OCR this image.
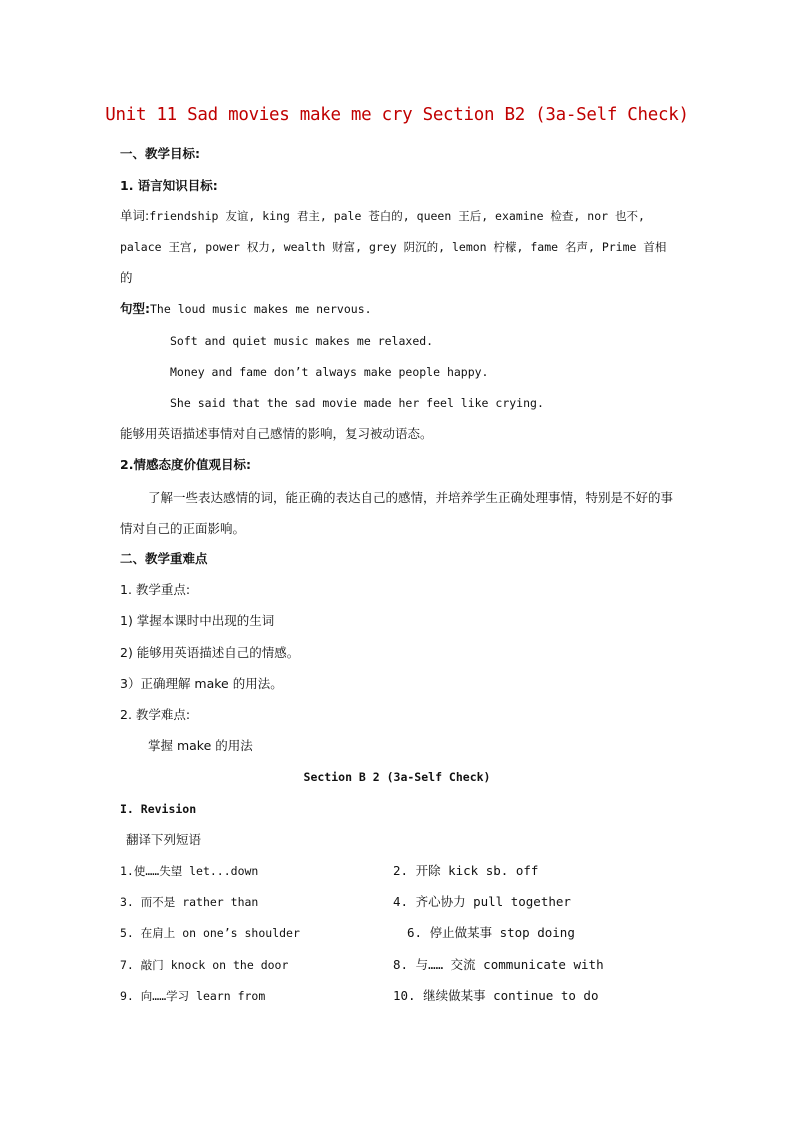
Unit 11 Sad movies make me cry Section B2 (3a-Self Check)
一、教学目标:
1. 语言知识目标:
单词:friendship 友谊, king 君主, pale 苍白的, queen 王后, examine 检查, nor 也不,
palace 王宫, power 权力, wealth 财富, grey 阴沉的, lemon 柠檬, fame 名声, Prime 首相
的
句型:The loud music makes me nervous.
Soft and quiet music makes me relaxed.
Money and fame don’t always make people happy.
She said that the sad movie made her feel like crying.
能够用英语描述事情对自己感情的影响，复习被动语态。
2.情感态度价值观目标:
了解一些表达感情的词，能正确的表达自己的感情，并培养学生正确处理事情，特别是不好的事情对自己的正面影响。
二、教学重难点
1. 教学重点:
1) 掌握本课时中出现的生词
2) 能够用英语描述自己的情感。
3）正确理解 make 的用法。
2. 教学难点:
掌握 make 的用法
Section B 2 (3a-Self Check)
I. Revision
翻译下列短语
1.使……失望 let...down
3. 而不是 rather than
5. 在肩上 on one’s shoulder
7. 敲门 knock on the door
9. 向……学习 learn from
2. 开除 kick sb. off
4. 齐心协力 pull together
6. 停止做某事 stop doing
8. 与…… 交流 communicate with
10. 继续做某事 continue to do
